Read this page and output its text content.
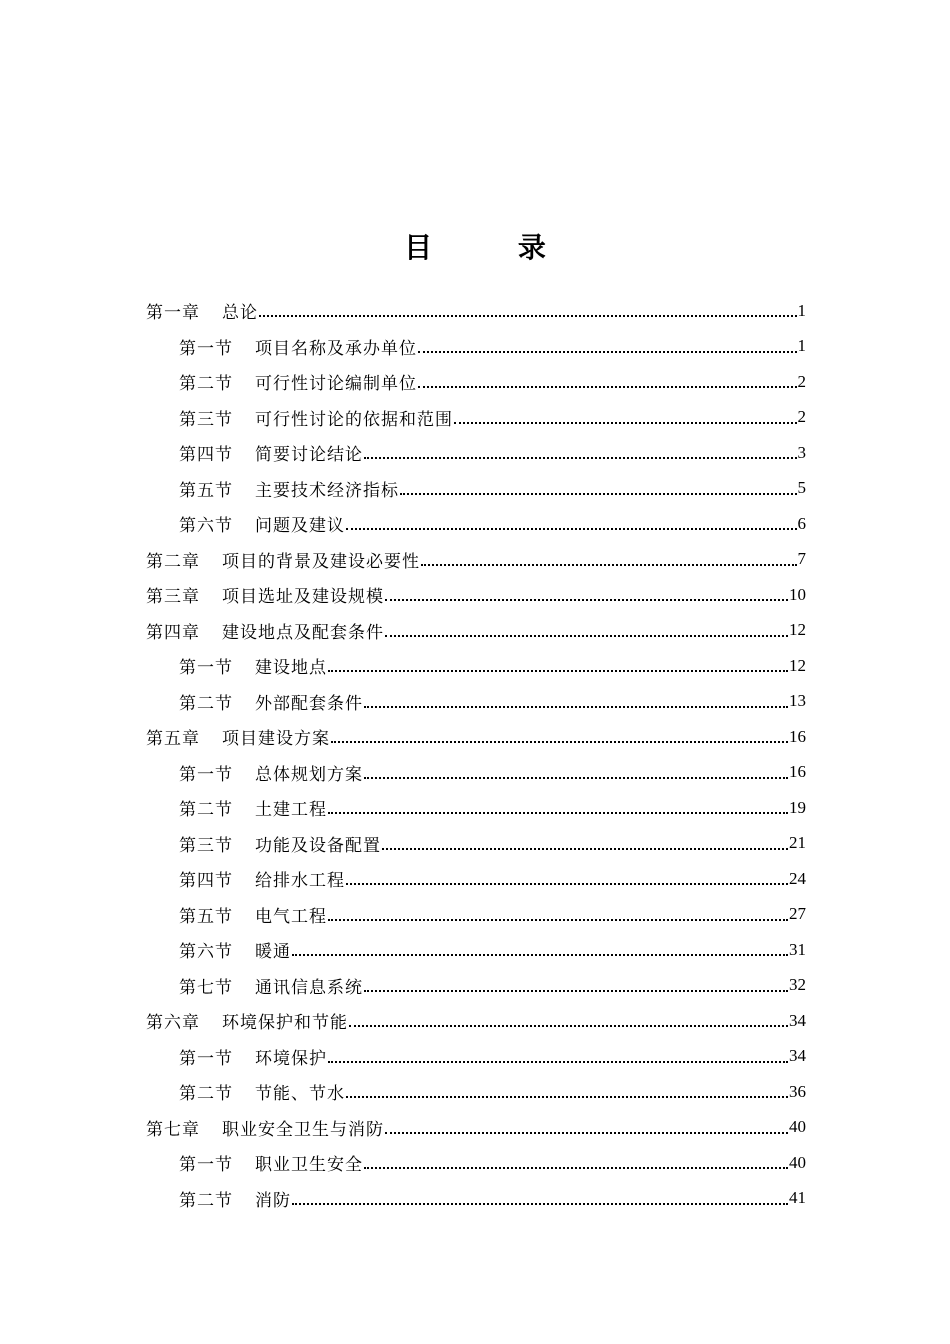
目 录
第一章 总论	1
第一节 项目名称及承办单位	1
第二节 可行性讨论编制单位	2
第三节 可行性讨论的依据和范围	2
第四节 简要讨论结论	3
第五节 主要技术经济指标	5
第六节 问题及建议	6
第二章 项目的背景及建设必要性	7
第三章 项目选址及建设规模	10
第四章 建设地点及配套条件	12
第一节 建设地点	12
第二节 外部配套条件	13
第五章 项目建设方案	16
第一节 总体规划方案	16
第二节 土建工程	19
第三节 功能及设备配置	21
第四节 给排水工程	24
第五节 电气工程	27
第六节 暖通	31
第七节 通讯信息系统	32
第六章 环境保护和节能	34
第一节 环境保护	34
第二节 节能、节水	36
第七章 职业安全卫生与消防	40
第一节 职业卫生安全	40
第二节 消防	41
